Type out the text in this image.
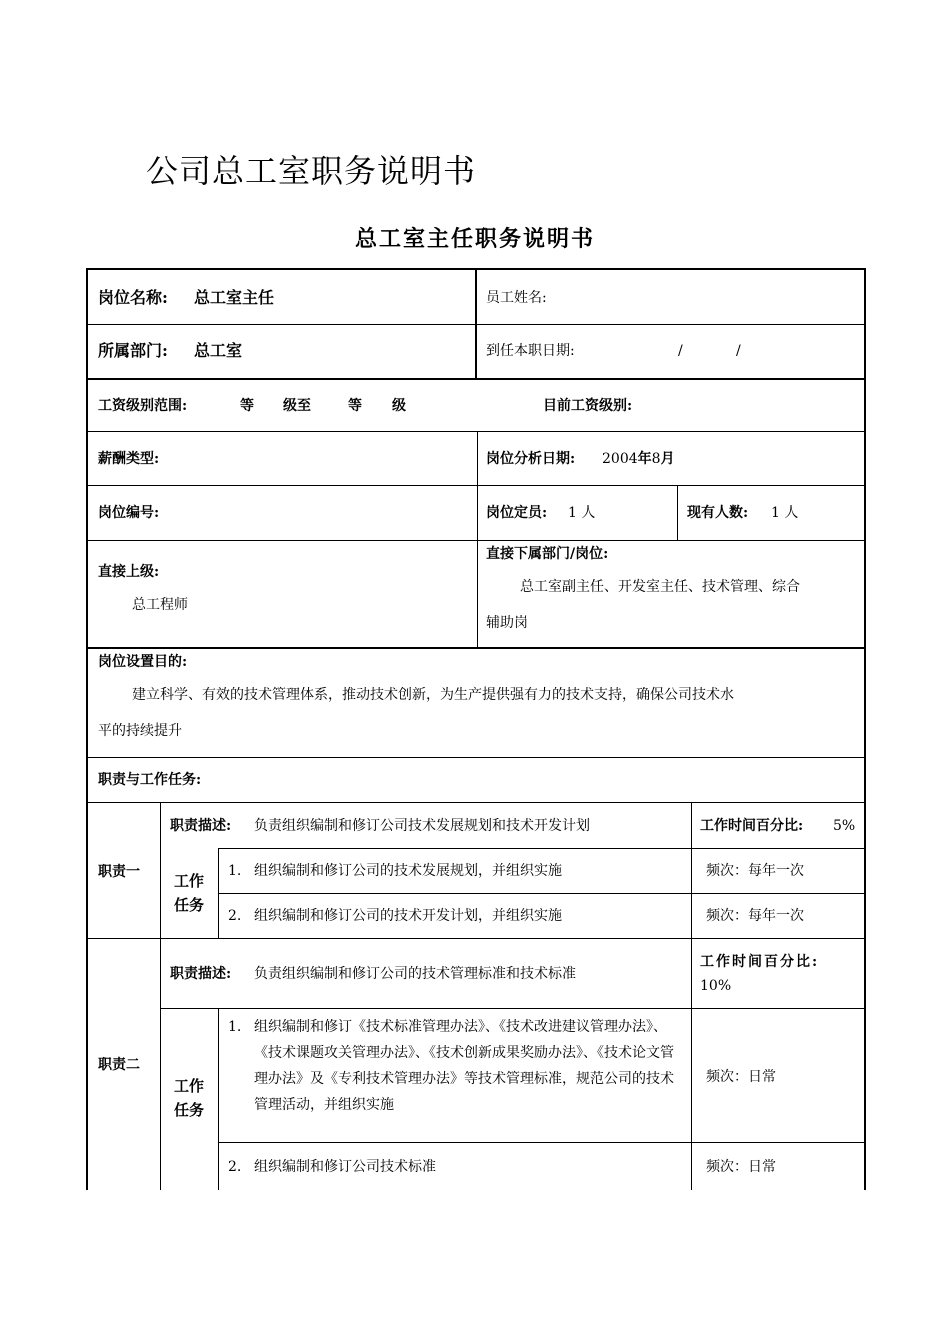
公司总工室职务说明书
总工室主任职务说明书
岗位名称: 总工室主任	员工姓名:
所属部门: 总工室	到任本职日期:	/	/
工资级别范围:	等 级至	等 级	目前工资级别:
薪酬类型:	岗位分析日期: 2004年8月
岗位编号:	岗位定员: 1 人	现有人数: 1 人
直接上级:
总工程师
直接下属部门/岗位:
总工室副主任、开发室主任、技术管理、综合
辅助岗
岗位设置目的:
建立科学、有效的技术管理体系，推动技术创新，为生产提供强有力的技术支持，确保公司技术水
平的持续提升
职责与工作任务:
职责一
职责描述: 负责组织编制和修订公司技术发展规划和技术开发计划	工作时间百分比: 5%
工作
任务
1. 组织编制和修订公司的技术发展规划，并组织实施	频次：每年一次
2. 组织编制和修订公司的技术开发计划，并组织实施	频次：每年一次
职责二
职责描述: 负责组织编制和修订公司的技术管理标准和技术标准
工作时间百分比:
10%
工作
任务
1. 组织编制和修订《技术标准管理办法》、《技术改进建议管理办法》、《技术课题攻关管理办法》、《技术创新成果奖励办法》、《技术论文管理办法》及《专利技术管理办法》等技术管理标准，规范公司的技术管理活动，并组织实施
频次：日常
2. 组织编制和修订公司技术标准	频次：日常
